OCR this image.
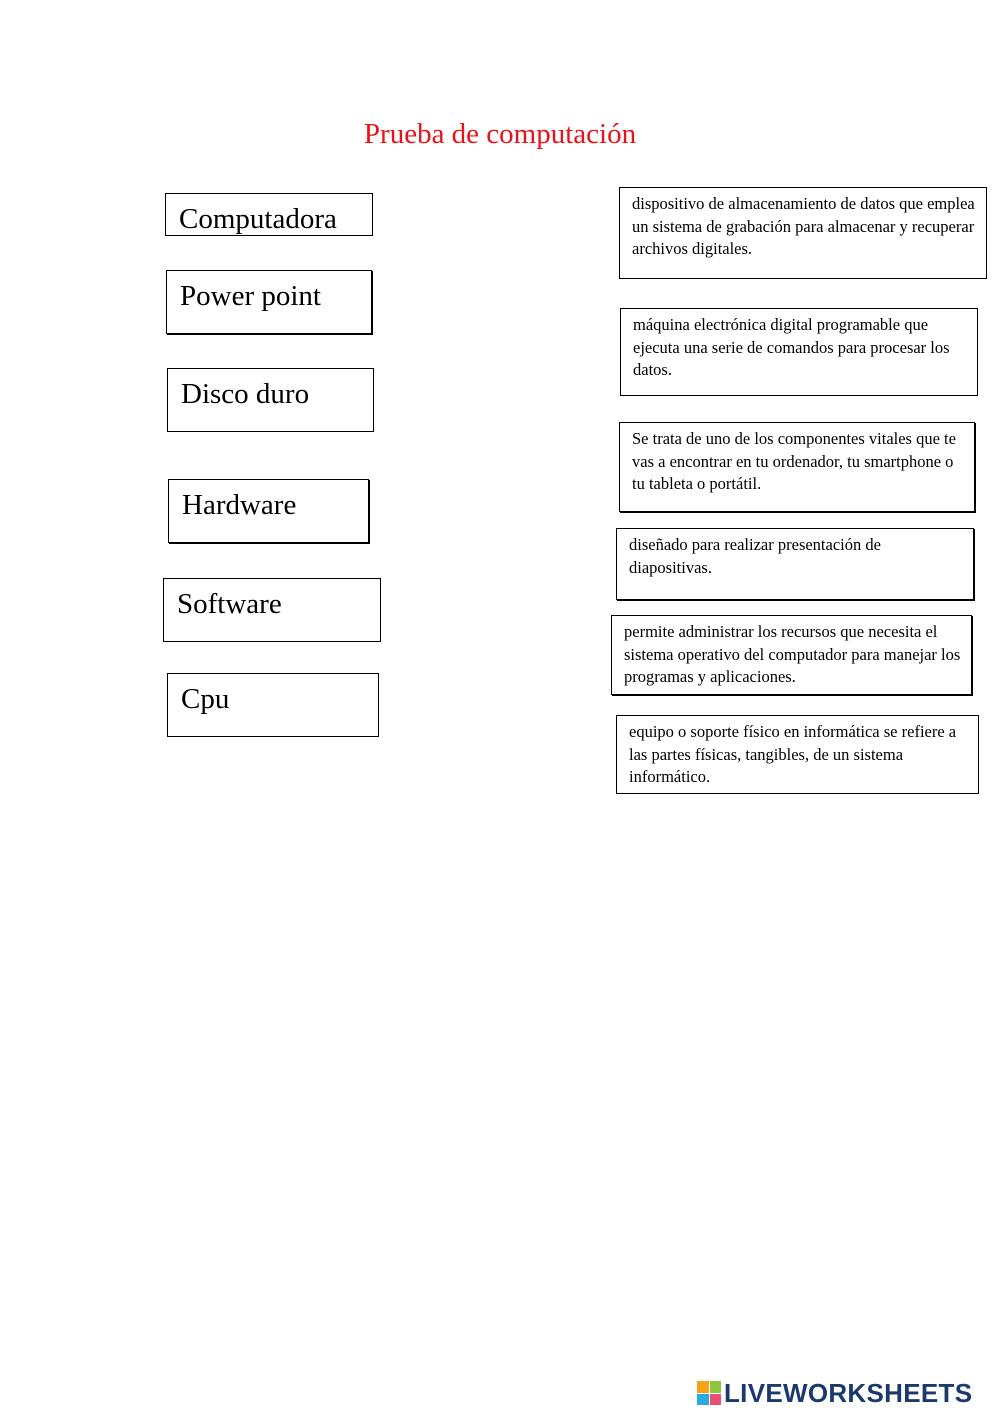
Prueba de computación
Computadora
Power point
Disco duro
Hardware
Software
Cpu
dispositivo de almacenamiento de datos que emplea un sistema de grabación para almacenar y recuperar archivos digitales.
máquina electrónica digital programable que ejecuta una serie de comandos para procesar los datos.
Se trata de uno de los componentes vitales que te vas a encontrar en tu ordenador, tu smartphone o tu tableta o portátil.
diseñado para realizar presentación de diapositivas.
permite administrar los recursos que necesita el sistema operativo del computador para manejar los programas y aplicaciones.
equipo o soporte físico en informática se refiere a las partes físicas, tangibles, de un sistema informático.
LIVEWORKSHEETS
